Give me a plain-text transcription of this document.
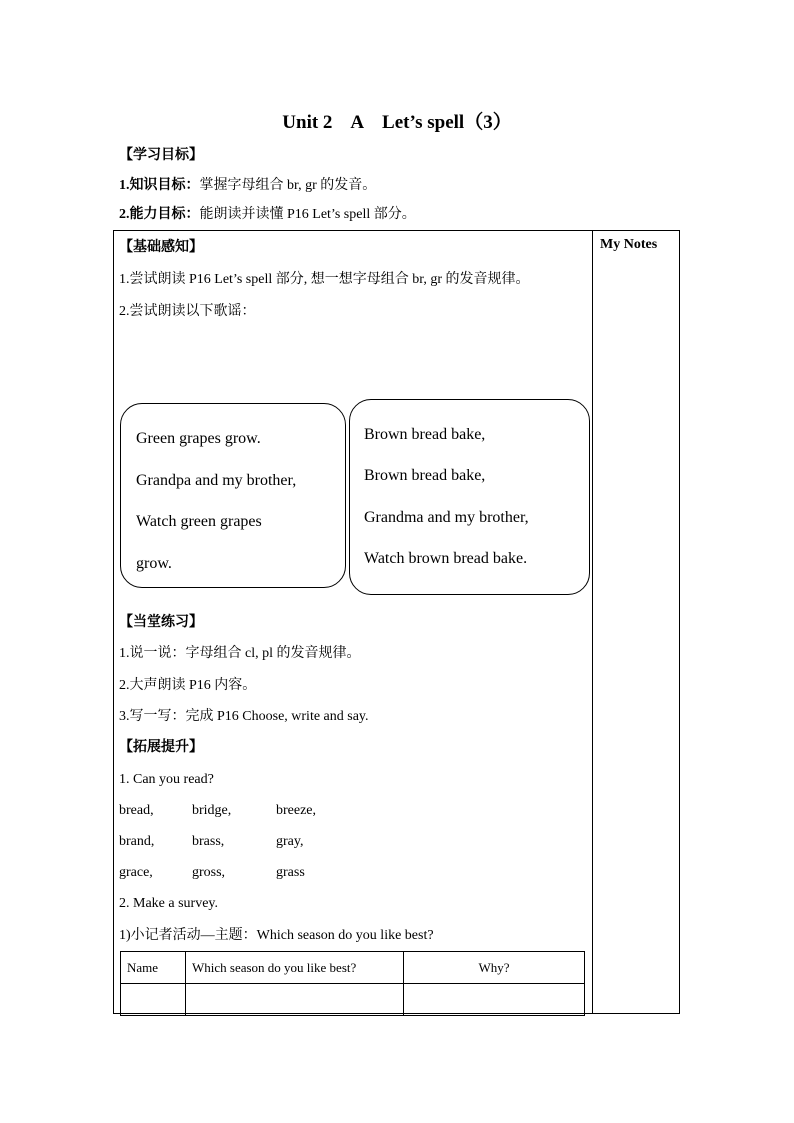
Unit 2    A    Let’s spell（3）
【学习目标】
1.知识目标：掌握字母组合 br, gr 的发音。
2.能力目标：能朗读并读懂 P16 Let’s spell 部分。
My Notes
【基础感知】
1.尝试朗读 P16 Let’s spell 部分, 想一想字母组合 br, gr 的发音规律。
2.尝试朗读以下歌谣：
Green grapes grow.
Grandpa and my brother,
Watch green grapes
grow.
Brown bread bake,
Brown bread bake,
Grandma and my brother,
Watch brown bread bake.
【当堂练习】
1.说一说：字母组合 cl, pl 的发音规律。
2.大声朗读 P16 内容。
3.写一写：完成 P16 Choose, write and say.
【拓展提升】
1. Can you read?
bread,	bridge,	breeze,
brand,	brass,	gray,
grace,	gross,	grass
2. Make a survey.
1)小记者活动—主题：Which season do you like best?
Name	Which season do you like best?	Why?
